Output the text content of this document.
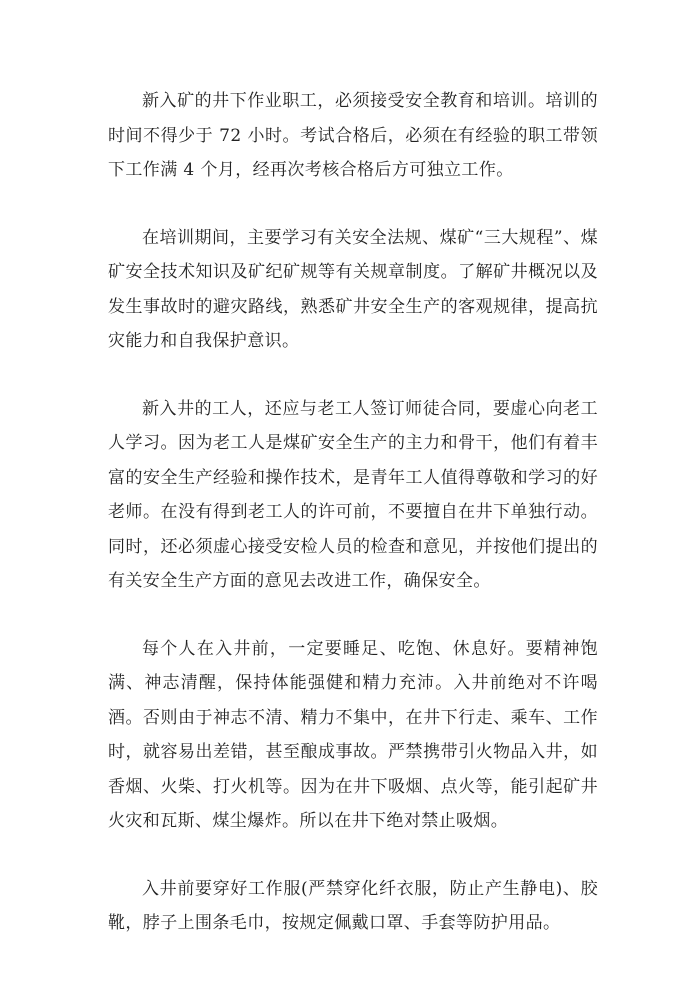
新入矿的井下作业职工，必须接受安全教育和培训。培训的时间不得少于 72 小时。考试合格后，必须在有经验的职工带领下工作满 4 个月，经再次考核合格后方可独立工作。

在培训期间，主要学习有关安全法规、煤矿“三大规程”、煤矿安全技术知识及矿纪矿规等有关规章制度。了解矿井概况以及发生事故时的避灾路线，熟悉矿井安全生产的客观规律，提高抗灾能力和自我保护意识。

新入井的工人，还应与老工人签订师徒合同，要虚心向老工人学习。因为老工人是煤矿安全生产的主力和骨干，他们有着丰富的安全生产经验和操作技术，是青年工人值得尊敬和学习的好老师。在没有得到老工人的许可前，不要擅自在井下单独行动。同时，还必须虚心接受安检人员的检查和意见，并按他们提出的有关安全生产方面的意见去改进工作，确保安全。

每个人在入井前，一定要睡足、吃饱、休息好。要精神饱满、神志清醒，保持体能强健和精力充沛。入井前绝对不许喝酒。否则由于神志不清、精力不集中，在井下行走、乘车、工作时，就容易出差错，甚至酿成事故。严禁携带引火物品入井，如香烟、火柴、打火机等。因为在井下吸烟、点火等，能引起矿井火灾和瓦斯、煤尘爆炸。所以在井下绝对禁止吸烟。

入井前要穿好工作服(严禁穿化纤衣服，防止产生静电)、胶靴，脖子上围条毛巾，按规定佩戴口罩、手套等防护用品。
